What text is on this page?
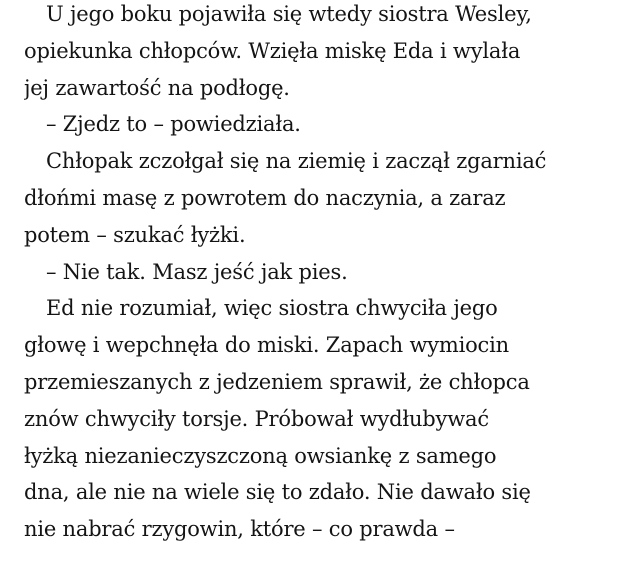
U jego boku pojawiła się wtedy siostra Wesley,
opiekunka chłopców. Wzięła miskę Eda i wylała
jej zawartość na podłogę.
– Zjedz to – powiedziała.
Chłopak zczołgał się na ziemię i zaczął zgarniać
dłońmi masę z powrotem do naczynia, a zaraz
potem – szukać łyżki.
– Nie tak. Masz jeść jak pies.
Ed nie rozumiał, więc siostra chwyciła jego
głowę i wepchnęła do miski. Zapach wymiocin
przemieszanych z jedzeniem sprawił, że chłopca
znów chwyciły torsje. Próbował wydłubywać
łyżką niezanieczyszczoną owsiankę z samego
dna, ale nie na wiele się to zdało. Nie dawało się
nie nabrać rzygowin, które – co prawda –
